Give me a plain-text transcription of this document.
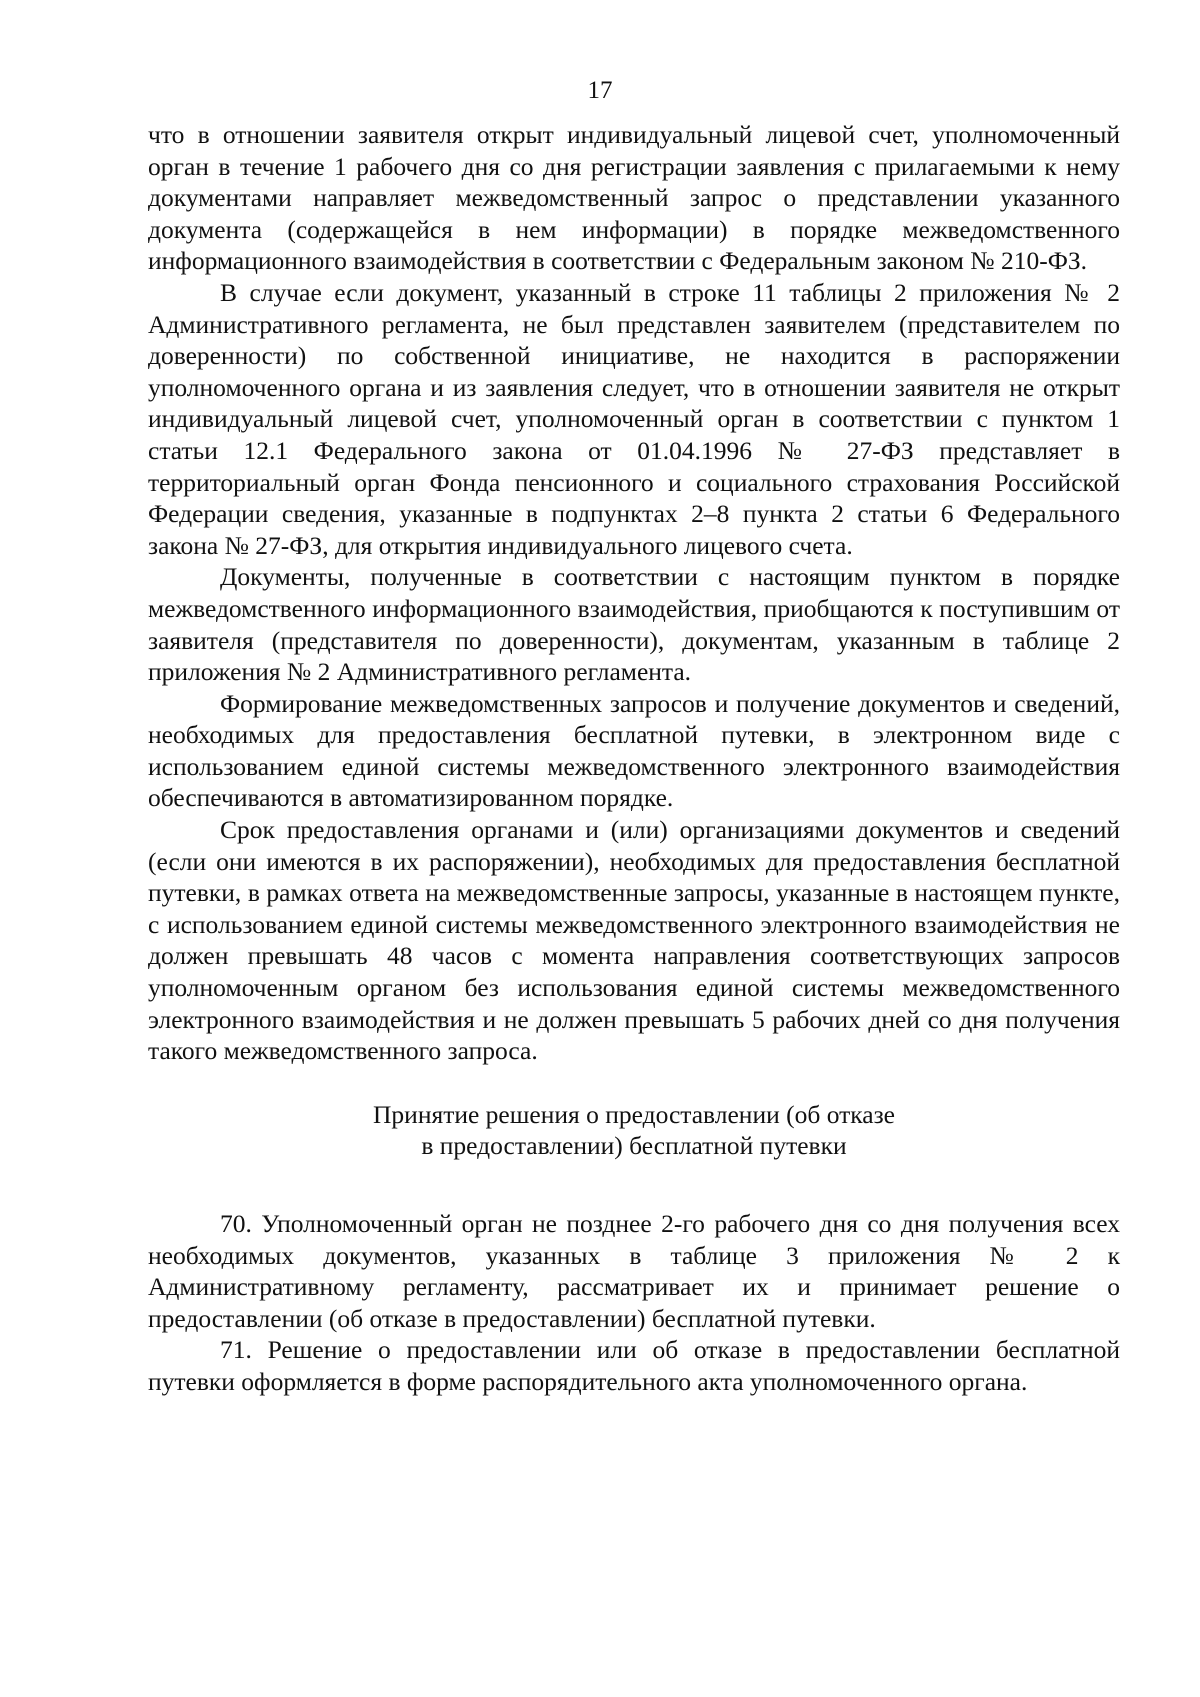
17

что в отношении заявителя открыт индивидуальный лицевой счет, уполномоченный орган в течение 1 рабочего дня со дня регистрации заявления с прилагаемыми к нему документами направляет межведомственный запрос о представлении указанного документа (содержащейся в нем информации) в порядке межведомственного информационного взаимодействия в соответствии с Федеральным законом № 210-ФЗ.

В случае если документ, указанный в строке 11 таблицы 2 приложения № 2 Административного регламента, не был представлен заявителем (представителем по доверенности) по собственной инициативе, не находится в распоряжении уполномоченного органа и из заявления следует, что в отношении заявителя не открыт индивидуальный лицевой счет, уполномоченный орган в соответствии с пунктом 1 статьи 12.1 Федерального закона от 01.04.1996 № 27-ФЗ представляет в территориальный орган Фонда пенсионного и социального страхования Российской Федерации сведения, указанные в подпунктах 2–8 пункта 2 статьи 6 Федерального закона № 27-ФЗ, для открытия индивидуального лицевого счета.

Документы, полученные в соответствии с настоящим пунктом в порядке межведомственного информационного взаимодействия, приобщаются к поступившим от заявителя (представителя по доверенности), документам, указанным в таблице 2 приложения № 2 Административного регламента.

Формирование межведомственных запросов и получение документов и сведений, необходимых для предоставления бесплатной путевки, в электронном виде с использованием единой системы межведомственного электронного взаимодействия обеспечиваются в автоматизированном порядке.

Срок предоставления органами и (или) организациями документов и сведений (если они имеются в их распоряжении), необходимых для предоставления бесплатной путевки, в рамках ответа на межведомственные запросы, указанные в настоящем пункте, с использованием единой системы межведомственного электронного взаимодействия не должен превышать 48 часов с момента направления соответствующих запросов уполномоченным органом без использования единой системы межведомственного электронного взаимодействия и не должен превышать 5 рабочих дней со дня получения такого межведомственного запроса.

Принятие решения о предоставлении (об отказе
в предоставлении) бесплатной путевки

70. Уполномоченный орган не позднее 2-го рабочего дня со дня получения всех необходимых документов, указанных в таблице 3 приложения № 2 к Административному регламенту, рассматривает их и принимает решение о предоставлении (об отказе в предоставлении) бесплатной путевки.

71. Решение о предоставлении или об отказе в предоставлении бесплатной путевки оформляется в форме распорядительного акта уполномоченного органа.
